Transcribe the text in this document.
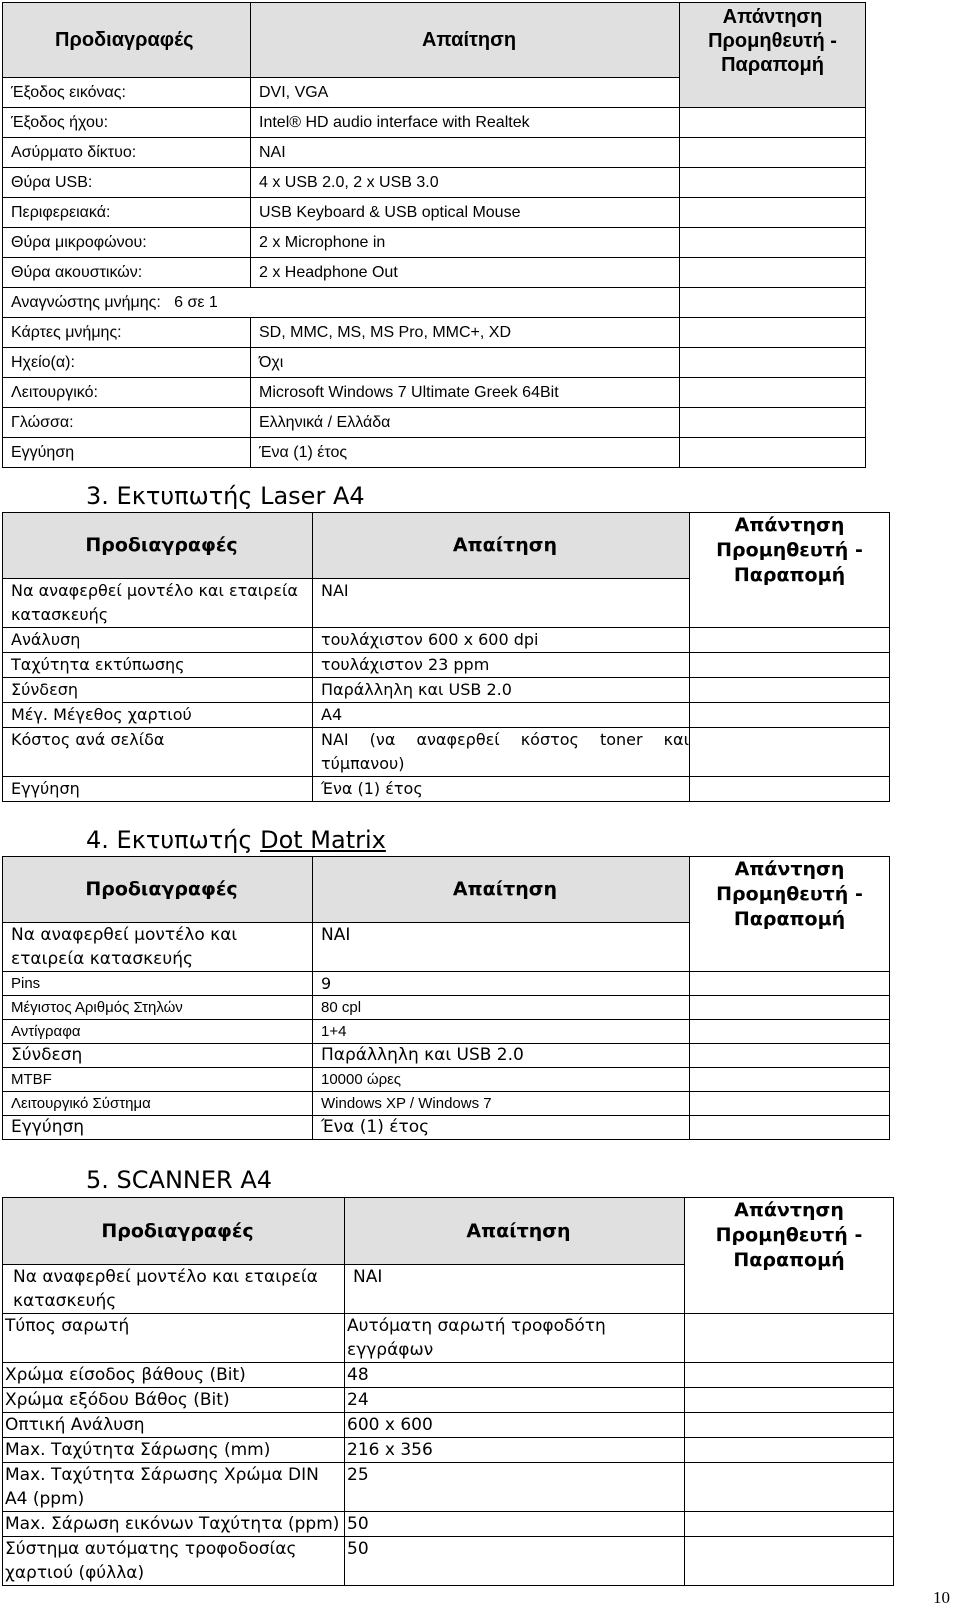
Προδιαγραφές	Απαίτηση	Απάντηση Προμηθευτή - Παραπομή
Έξοδος εικόνας:	DVI, VGA	
Έξοδος ήχου:	Intel® HD audio interface with Realtek	
Ασύρματο δίκτυο:	ΝΑΙ	
Θύρα USB:	4 x USB 2.0, 2 x USB 3.0	
Περιφερειακά:	USB Keyboard & USB optical Mouse	
Θύρα μικροφώνου:	2 x Microphone in	
Θύρα ακουστικών:	2 x Headphone Out	
Αναγνώστης μνήμης: 6 σε 1		
Κάρτες μνήμης:	SD, MMC, MS, MS Pro, MMC+, XD	
Ηχείο(α):	Όχι	
Λειτουργικό:	Microsoft Windows 7 Ultimate Greek 64Bit	
Γλώσσα:	Ελληνικά / Ελλάδα	
Εγγύηση	Ένα (1) έτος	
3. Εκτυπωτής Laser A4
Προδιαγραφές	Απαίτηση	Απάντηση Προμηθευτή - Παραπομή
Να αναφερθεί μοντέλο και εταιρεία κατασκευής	ΝΑΙ	
Ανάλυση	τουλάχιστον 600 x 600 dpi	
Ταχύτητα εκτύπωσης	τουλάχιστον 23 ppm	
Σύνδεση	Παράλληλη και USB 2.0	
Μέγ. Μέγεθος χαρτιού	Α4	
Κόστος ανά σελίδα	ΝΑΙ (να αναφερθεί κόστος toner και τύμπανου)	
Εγγύηση	Ένα (1) έτος	
4. Εκτυπωτής Dot Matrix
Προδιαγραφές	Απαίτηση	Απάντηση Προμηθευτή - Παραπομή
Να αναφερθεί μοντέλο και εταιρεία κατασκευής	ΝΑΙ	
Pins	9	
Μέγιστος Αριθμός Στηλών	80 cpl	
Αντίγραφα	1+4	
Σύνδεση	Παράλληλη και USB 2.0	
MTBF	10000 ώρες	
Λειτουργικό Σύστημα	Windows XP / Windows 7	
Εγγύηση	Ένα (1) έτος	
5. SCANNER A4
Προδιαγραφές	Απαίτηση	Απάντηση Προμηθευτή - Παραπομή
Να αναφερθεί μοντέλο και εταιρεία κατασκευής	ΝΑΙ	
Τύπος σαρωτή	Αυτόματη σαρωτή τροφοδότη εγγράφων	
Χρώμα είσοδος βάθους (Bit)	48	
Χρώμα εξόδου Βάθος (Bit)	24	
Οπτική Ανάλυση	600 x 600	
Max. Ταχύτητα Σάρωσης (mm)	216 x 356	
Max. Ταχύτητα Σάρωσης Χρώμα DIN A4 (ppm)	25	
Max. Σάρωση εικόνων Ταχύτητα (ppm)	50	
Σύστημα αυτόματης τροφοδοσίας χαρτιού (φύλλα)	50	
10
